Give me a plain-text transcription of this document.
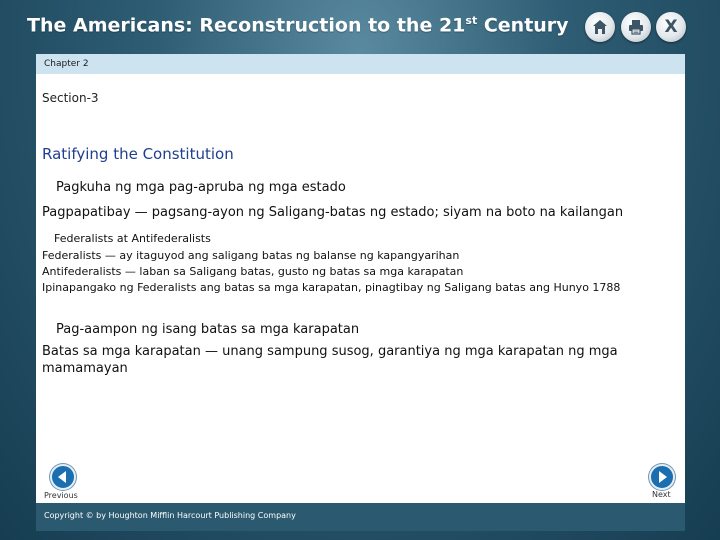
The Americans: Reconstruction to the 21st Century	X
Chapter 2
Section-3
Ratifying the Constitution
Pagkuha ng mga pag-apruba ng mga estado
Pagpapatibay — pagsang-ayon ng Saligang-batas ng estado; siyam na boto na kailangan
Federalists at Antifederalists
Federalists — ay itaguyod ang saligang batas ng balanse ng kapangyarihan
Antifederalists — laban sa Saligang batas, gusto ng batas sa mga karapatan
Ipinapangako ng Federalists ang batas sa mga karapatan, pinagtibay ng Saligang batas ang Hunyo 1788
Pag-aampon ng isang batas sa mga karapatan
Batas sa mga karapatan — unang sampung susog, garantiya ng mga karapatan ng mga
mamamayan
Previous	Next
Copyright © by Houghton Mifflin Harcourt Publishing Company
